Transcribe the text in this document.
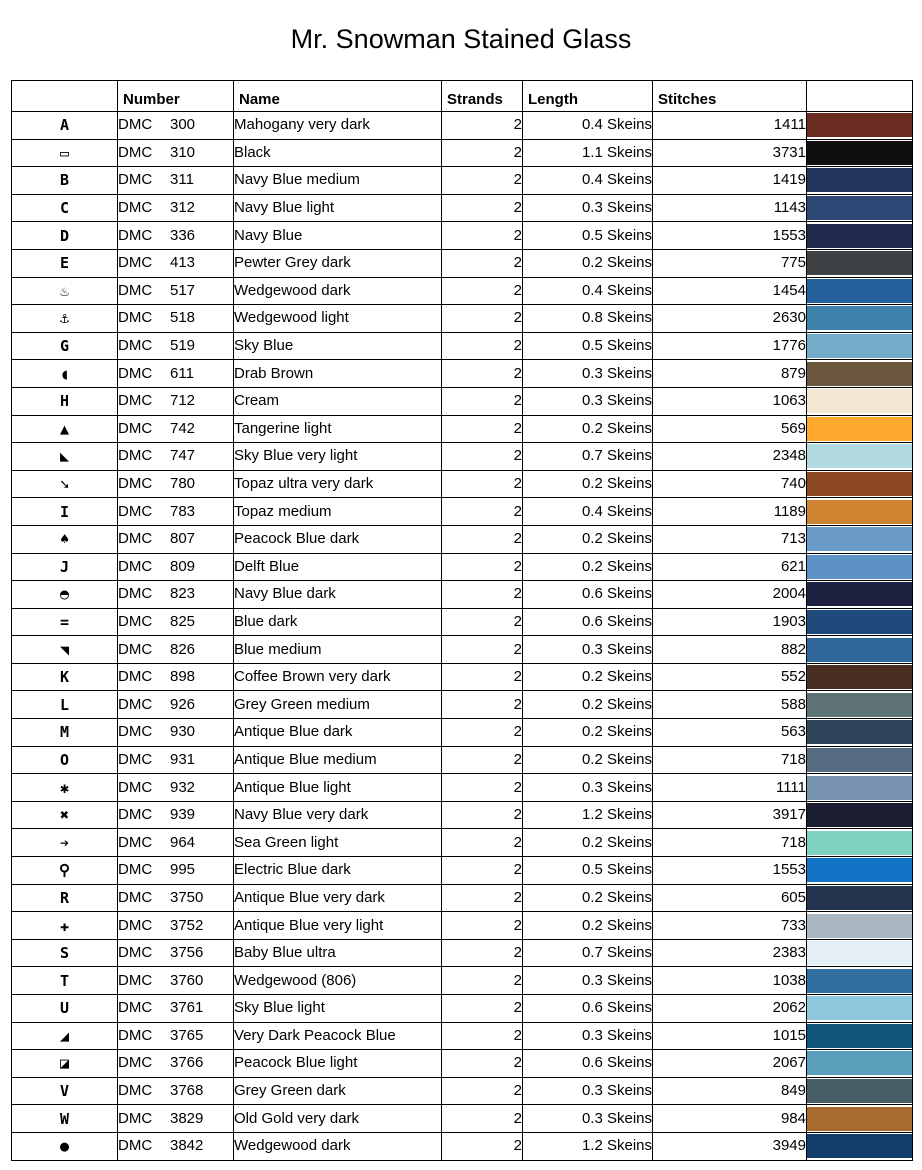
Mr. Snowman Stained Glass
	Number	Name	Strands	Length	Stitches	
A	DMC 300	Mahogany very dark	2	0.4 Skeins	1411	

▭	DMC 310	Black	2	1.1 Skeins	3731	

B	DMC 311	Navy Blue medium	2	0.4 Skeins	1419	

C	DMC 312	Navy Blue light	2	0.3 Skeins	1143	

D	DMC 336	Navy Blue	2	0.5 Skeins	1553	

E	DMC 413	Pewter Grey dark	2	0.2 Skeins	775	

♨	DMC 517	Wedgewood dark	2	0.4 Skeins	1454	

⚓	DMC 518	Wedgewood light	2	0.8 Skeins	2630	

G	DMC 519	Sky Blue	2	0.5 Skeins	1776	

◖	DMC 611	Drab Brown	2	0.3 Skeins	879	

H	DMC 712	Cream	2	0.3 Skeins	1063	

▲	DMC 742	Tangerine light	2	0.2 Skeins	569	

◣	DMC 747	Sky Blue very light	2	0.7 Skeins	2348	

➘	DMC 780	Topaz ultra very dark	2	0.2 Skeins	740	

I	DMC 783	Topaz medium	2	0.4 Skeins	1189	

♠	DMC 807	Peacock Blue dark	2	0.2 Skeins	713	

J	DMC 809	Delft Blue	2	0.2 Skeins	621	

◓	DMC 823	Navy Blue dark	2	0.6 Skeins	2004	

=	DMC 825	Blue dark	2	0.6 Skeins	1903	

◥	DMC 826	Blue medium	2	0.3 Skeins	882	

K	DMC 898	Coffee Brown very dark	2	0.2 Skeins	552	

L	DMC 926	Grey Green medium	2	0.2 Skeins	588	

M	DMC 930	Antique Blue dark	2	0.2 Skeins	563	

O	DMC 931	Antique Blue medium	2	0.2 Skeins	718	

✱	DMC 932	Antique Blue light	2	0.3 Skeins	1111	

✖	DMC 939	Navy Blue very dark	2	1.2 Skeins	3917	

➔	DMC 964	Sea Green light	2	0.2 Skeins	718	

⚲	DMC 995	Electric Blue dark	2	0.5 Skeins	1553	

R	DMC 3750	Antique Blue very dark	2	0.2 Skeins	605	

✚	DMC 3752	Antique Blue very light	2	0.2 Skeins	733	

S	DMC 3756	Baby Blue ultra	2	0.7 Skeins	2383	

T	DMC 3760	Wedgewood (806)	2	0.3 Skeins	1038	

U	DMC 3761	Sky Blue light	2	0.6 Skeins	2062	

◢	DMC 3765	Very Dark Peacock Blue	2	0.3 Skeins	1015	

◪	DMC 3766	Peacock Blue light	2	0.6 Skeins	2067	

V	DMC 3768	Grey Green dark	2	0.3 Skeins	849	

W	DMC 3829	Old Gold very dark	2	0.3 Skeins	984	

●	DMC 3842	Wedgewood dark	2	1.2 Skeins	3949	
